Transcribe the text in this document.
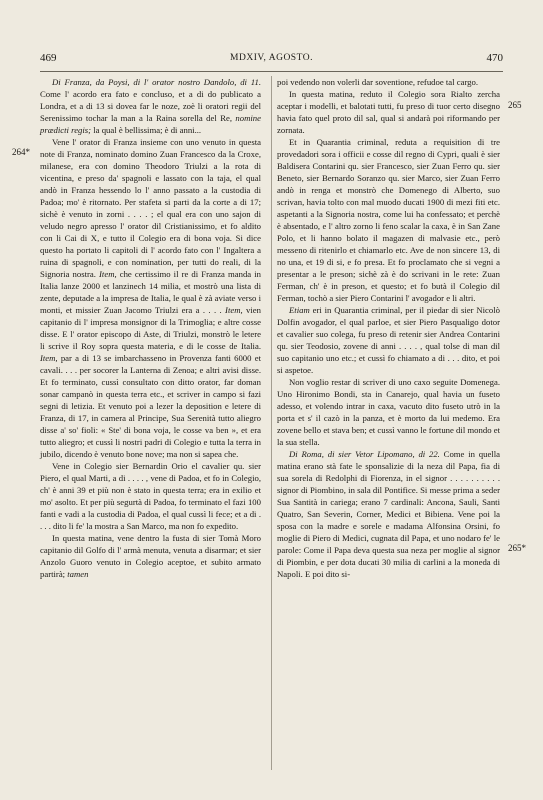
469	MDXIV, AGOSTO.	470
264*
265
265*

Di Franza, da Poysi, di l' orator nostro Dandolo, di 11. Come l' acordo era fato e concluso, et a di do publicato a Londra, et a di 13 si dovea far le noze, zoè li oratori regii del Serenissimo tochar la man a la Raina sorella del Re, nomine prædicti regis; la qual è bellissima; è di anni...

Vene l' orator di Franza insieme con uno venuto in questa note di Franza, nominato domino Zuan Francesco da la Croxe, milanese, era con domino Theodoro Triulzi a la rota di vicentina, e preso da' spagnoli e lassato con la taja, el qual andò in Franza hessendo lo l' anno passato a la custodia di Padoa; mo' è ritornato. Per stafeta si parti da la corte a di 17; sichè è venuto in zorni . . . . ; el qual era con uno sajon di veludo negro apresso l' orator dil Cristianissimo, et fo aldito con li Cai di X, e tutto il Colegio era di bona voja. Si dice questo ha portato li capitoli di l' acordo fato con l' Ingaltera a ruina di spagnoli, e con nomination, per tutti do reali, di la Signoria nostra. Item, che certissimo il re di Franza manda in Italia lanze 2000 et lanzinech 14 milia, et mostrò una lista di zente, deputade a la impresa de Italia, le qual è zà aviate verso i monti, et missier Zuan Jacomo Triulzi era a . . . . Item, vien capitanio di l' impresa monsignor di la Trimoglia; e altre cosse disse. E l' orator episcopo di Aste, di Triulzi, monstrò le letere li scrive il Roy sopra questa materia, e di le cosse de Italia. Item, par a di 13 se imbarchasseno in Provenza fanti 6000 et cavali. . . . per socorer la Lanterna di Zenoa; e altri avisi disse. Et fo terminato, cussì consultato con ditto orator, far doman sonar campanò in questa terra etc., et scriver in campo si fazi segni di letizia. Et venuto poi a lezer la deposition e letere di Franza, di 17, in camera al Principe, Sua Serenità tutto aliegro disse a' so' fioli: « Ste' di bona voja, le cosse va ben », et era tutto aliegro; et cussì li nostri padri di Colegio e tutta la terra in jubilo, dicendo è venuto bone nove; ma non si sapea che.

Vene in Colegio sier Bernardin Orio el cavalier qu. sier Piero, el qual Marti, a di . . . . , vene di Padoa, et fo in Colegio, ch' è anni 39 et più non è stato in questa terra; era in exilio et mo' asolto. Et per più segurtà di Padoa, fo terminato el fazi 100 fanti e vadi a la custodia di Padoa, el qual cussì li fece; et a di . . . . dito li fe' la mostra a San Marco, ma non fo expedito.

In questa matina, vene dentro la fusta di sier Tomà Moro capitanio dil Golfo di l' armà menuta, venuta a disarmar; et sier Anzolo Guoro venuto in Colegio aceptoe, et subito armato partirà; tamen

poi vedendo non volerli dar soventione, refudoe tal cargo.

In questa matina, reduto il Colegio sora Rialto zercha aceptar i modelli, et balotati tutti, fu preso di tuor certo disegno havia fato quel proto dil sal, qual si andarà poi riformando per zornata.

Et in Quarantia criminal, reduta a requisition di tre provedadori sora i officii e cosse dil regno di Cypri, quali è sier Baldisera Contarini qu. sier Francesco, sier Zuan Ferro qu. sier Beneto, sier Bernardo Soranzo qu. sier Marco, sier Zuan Ferro andò in renga et monstrò che Domenego di Alberto, suo scrivan, havia tolto con mal muodo ducati 1900 di mezi fiti etc. aspetanti a la Signoria nostra, come lui ha confessato; et perchè è absentado, e l' altro zorno li feno scalar la caxa, è in San Zane Polo, et li hanno bolato il magazen di malvasie etc., però messeno di ritenirlo et chiamarlo etc. Ave de non sincere 13, di no una, et 19 di si, e fo presa. Et fo proclamato che si vegni a presentar a le preson; sichè zà è do scrivani in le rete: Zuan Ferman, ch' è in preson, et questo; et fo butà il Colegio dil Ferman, tochò a sier Piero Contarini l' avogador e li altri.

Etiam eri in Quarantia criminal, per il piedar di sier Nicolò Dolfin avogador, el qual parloe, et sier Piero Pasqualigo dotor et cavalier suo colega, fu preso di retenir sier Andrea Contarini qu. sier Teodosio, zovene di anni . . . . , qual tolse di man dil suo capitanio uno etc.; et cussì fo chiamato a di . . . dito, et poi si aspetoe.

Non voglio restar di scriver di uno caxo seguite Domenega. Uno Hironimo Bondi, sta in Canarejo, qual havia un fuseto adesso, et volendo intrar in caxa, vacuto dito fuseto utrò in la porta et s' il cazò in la panza, et è morto da lui medemo. Era zovene bello et stava ben; et cussì vanno le fortune dil mondo et la sua stella.

Di Roma, di sier Vetor Lipomano, di 22. Come in quella matina erano stà fate le sponsalizie di la neza dil Papa, fia di sua sorela di Redolphi di Fiorenza, in el signor . . . . . . . . . . signor di Piombino, in sala dil Pontifice. Si messe prima a seder Sua Santità in cariega; erano 7 cardinali: Ancona, Sauli, Santi Quatro, San Severin, Corner, Medici et Bibiena. Vene poi la sposa con la madre e sorele e madama Alfonsina Orsini, fo moglie di Piero di Medici, cugnata dil Papa, et uno nodaro fe' le parole: Come il Papa deva questa sua neza per moglie al signor di Piombin, e per dota ducati 30 milia di carlini a la moneda di Napoli. E poi dito si-
